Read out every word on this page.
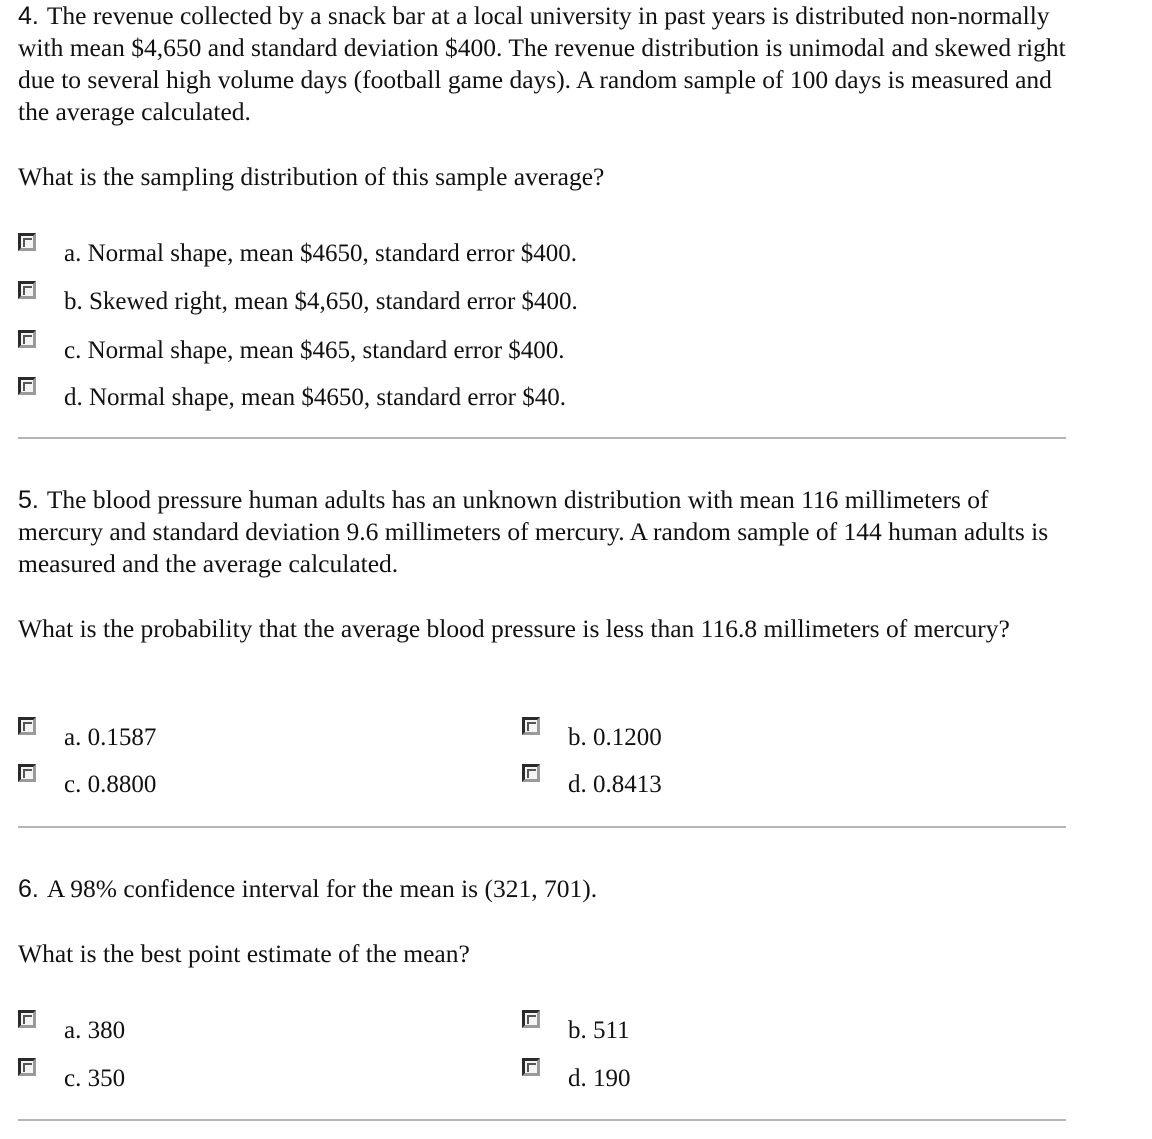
4. The revenue collected by a snack bar at a local university in past years is distributed non-normally with mean $4,650 and standard deviation $400. The revenue distribution is unimodal and skewed right due to several high volume days (football game days). A random sample of 100 days is measured and the average calculated.

What is the sampling distribution of this sample average?

a. Normal shape, mean $4650, standard error $400.
b. Skewed right, mean $4,650, standard error $400.
c. Normal shape, mean $465, standard error $400.
d. Normal shape, mean $4650, standard error $40.

5. The blood pressure human adults has an unknown distribution with mean 116 millimeters of mercury and standard deviation 9.6 millimeters of mercury. A random sample of 144 human adults is measured and the average calculated.

What is the probability that the average blood pressure is less than 116.8 millimeters of mercury?

a. 0.1587	b. 0.1200
c. 0.8800	d. 0.8413

6. A 98% confidence interval for the mean is (321, 701).

What is the best point estimate of the mean?

a. 380	b. 511
c. 350	d. 190
